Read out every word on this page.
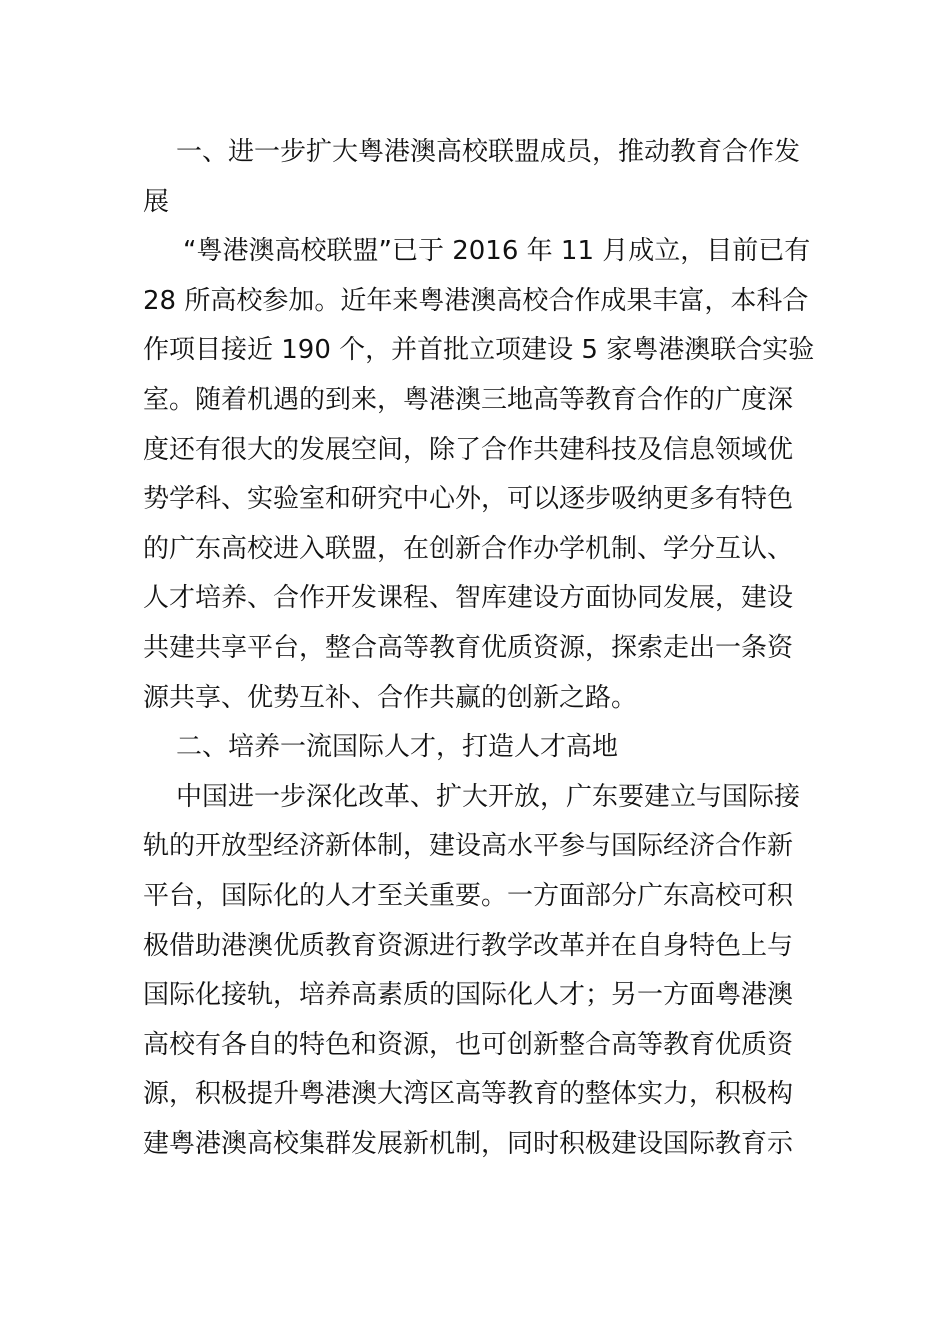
一、进一步扩大粤港澳高校联盟成员，推动教育合作发
展
“粤港澳高校联盟”已于 2016 年 11 月成立，目前已有
28 所高校参加。近年来粤港澳高校合作成果丰富，本科合
作项目接近 190 个，并首批立项建设 5 家粤港澳联合实验
室。随着机遇的到来，粤港澳三地高等教育合作的广度深
度还有很大的发展空间，除了合作共建科技及信息领域优
势学科、实验室和研究中心外，可以逐步吸纳更多有特色
的广东高校进入联盟，在创新合作办学机制、学分互认、
人才培养、合作开发课程、智库建设方面协同发展，建设
共建共享平台，整合高等教育优质资源，探索走出一条资
源共享、优势互补、合作共赢的创新之路。
二、培养一流国际人才，打造人才高地
中国进一步深化改革、扩大开放，广东要建立与国际接
轨的开放型经济新体制，建设高水平参与国际经济合作新
平台，国际化的人才至关重要。一方面部分广东高校可积
极借助港澳优质教育资源进行教学改革并在自身特色上与
国际化接轨，培养高素质的国际化人才；另一方面粤港澳
高校有各自的特色和资源，也可创新整合高等教育优质资
源，积极提升粤港澳大湾区高等教育的整体实力，积极构
建粤港澳高校集群发展新机制，同时积极建设国际教育示
